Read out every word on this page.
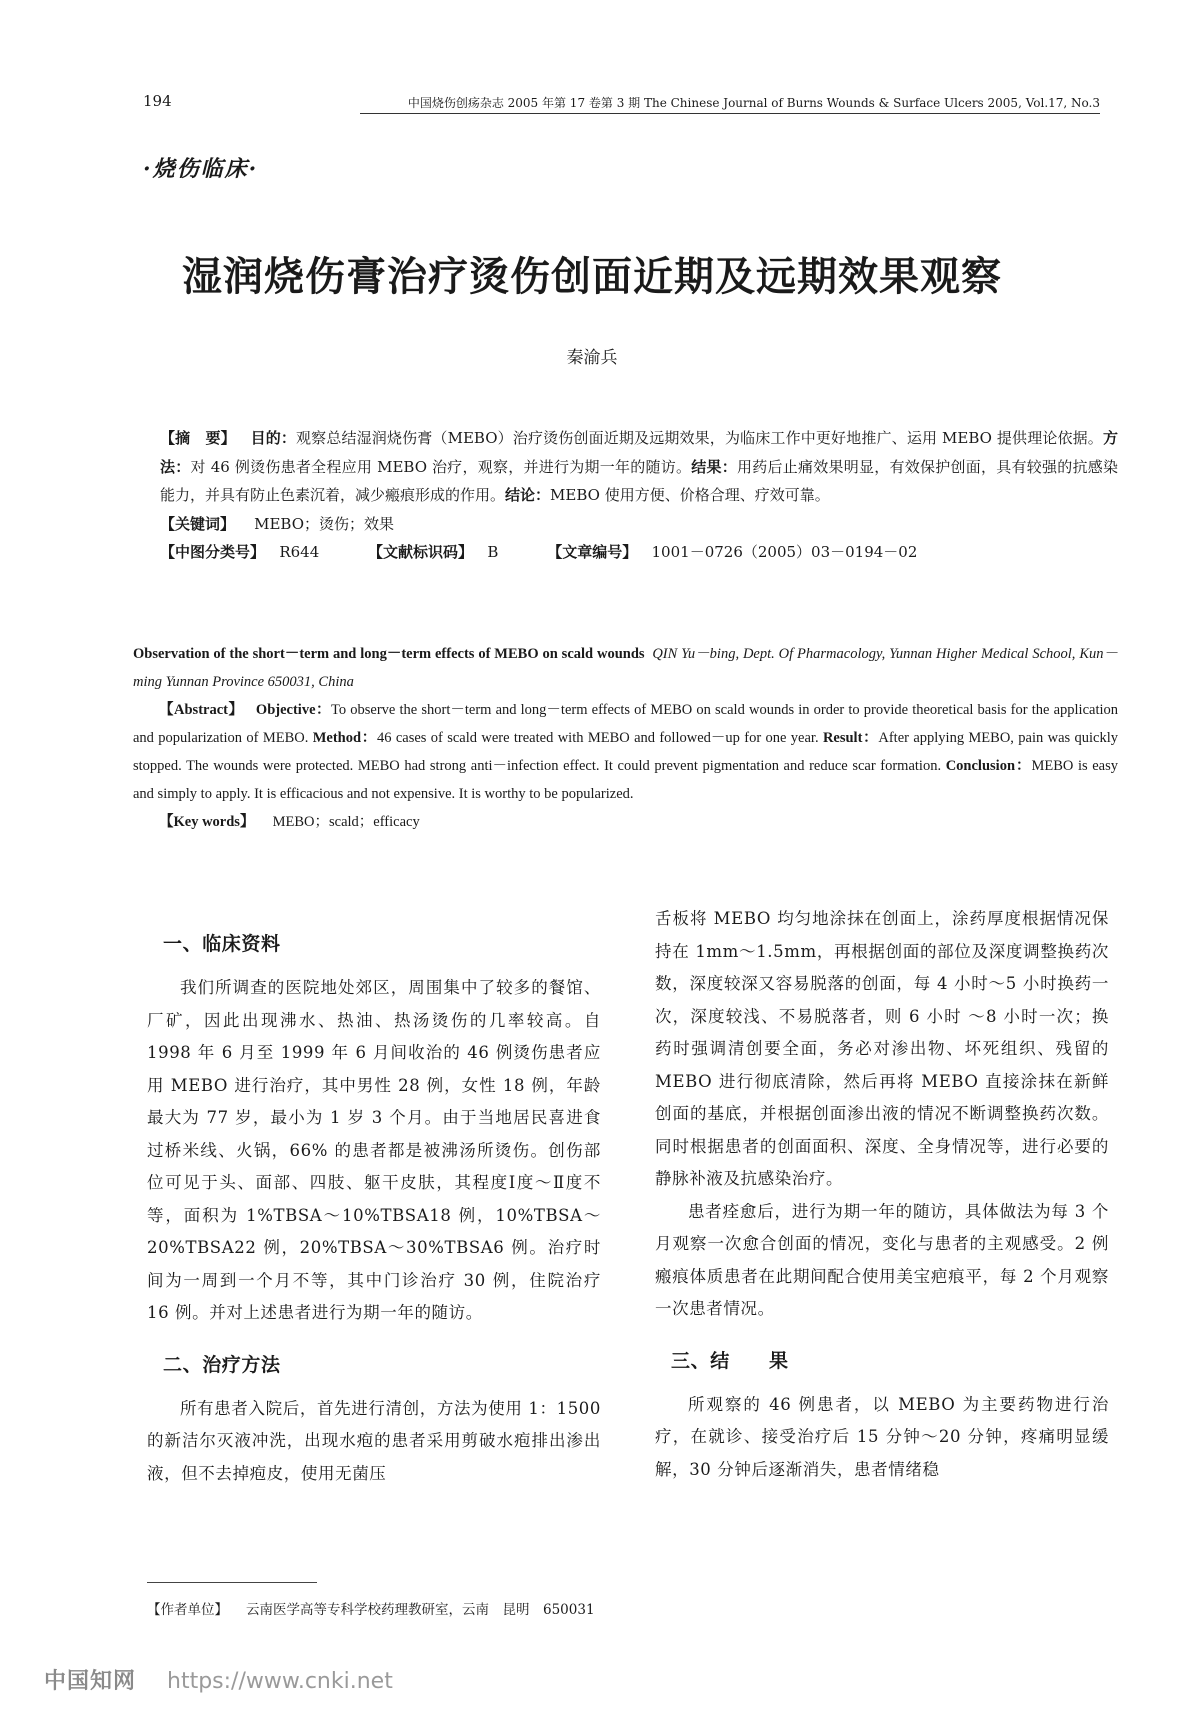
194	中国烧伤创疡杂志 2005 年第 17 卷第 3 期 The Chinese Journal of Burns Wounds & Surface Ulcers 2005, Vol.17, No.3
·烧伤临床·
湿润烧伤膏治疗烫伤创面近期及远期效果观察
秦渝兵

【摘　要】 目的：观察总结湿润烧伤膏（MEBO）治疗烫伤创面近期及远期效果，为临床工作中更好地推广、运用 MEBO 提供理论依据。方法：对 46 例烫伤患者全程应用 MEBO 治疗，观察，并进行为期一年的随访。结果：用药后止痛效果明显，有效保护创面，具有较强的抗感染能力，并具有防止色素沉着，减少瘢痕形成的作用。结论：MEBO 使用方便、价格合理、疗效可靠。

【关键词】 MEBO；烫伤；效果

【中图分类号】 R644	【文献标识码】 B	【文章编号】 1001－0726（2005）03－0194－02

Observation of the short－term and long－term effects of MEBO on scald wounds QIN Yu－bing, Dept. Of Pharmacology, Yunnan Higher Medical School, Kun－ming Yunnan Province 650031, China

【Abstract】 Objective：To observe the short－term and long－term effects of MEBO on scald wounds in order to provide theoretical basis for the application and popularization of MEBO. Method：46 cases of scald were treated with MEBO and followed－up for one year. Result：After applying MEBO, pain was quickly stopped. The wounds were protected. MEBO had strong anti－infection effect. It could prevent pigmentation and reduce scar formation. Conclusion：MEBO is easy and simply to apply. It is efficacious and not expensive. It is worthy to be popularized.

【Key words】 MEBO；scald；efficacy

一、临床资料

我们所调查的医院地处郊区，周围集中了较多的餐馆、厂矿，因此出现沸水、热油、热汤烫伤的几率较高。自 1998 年 6 月至 1999 年 6 月间收治的 46 例烫伤患者应用 MEBO 进行治疗，其中男性 28 例，女性 18 例，年龄最大为 77 岁，最小为 1 岁 3 个月。由于当地居民喜进食过桥米线、火锅，66% 的患者都是被沸汤所烫伤。创伤部位可见于头、面部、四肢、躯干皮肤，其程度Ⅰ度～Ⅱ度不等，面积为 1%TBSA～10%TBSA18 例，10%TBSA～20%TBSA22 例，20%TBSA～30%TBSA6 例。治疗时间为一周到一个月不等，其中门诊治疗 30 例，住院治疗 16 例。并对上述患者进行为期一年的随访。

二、治疗方法

所有患者入院后，首先进行清创，方法为使用 1：1500 的新洁尔灭液冲洗，出现水疱的患者采用剪破水疱排出渗出液，但不去掉疱皮，使用无菌压

舌板将 MEBO 均匀地涂抹在创面上，涂药厚度根据情况保持在 1mm～1.5mm，再根据创面的部位及深度调整换药次数，深度较深又容易脱落的创面，每 4 小时～5 小时换药一次，深度较浅、不易脱落者，则 6 小时 ～8 小时一次；换药时强调清创要全面，务必对渗出物、坏死组织、残留的 MEBO 进行彻底清除，然后再将 MEBO 直接涂抹在新鲜创面的基底，并根据创面渗出液的情况不断调整换药次数。同时根据患者的创面面积、深度、全身情况等，进行必要的静脉补液及抗感染治疗。

患者痊愈后，进行为期一年的随访，具体做法为每 3 个月观察一次愈合创面的情况，变化与患者的主观感受。2 例瘢痕体质患者在此期间配合使用美宝疤痕平，每 2 个月观察一次患者情况。

三、结　　果

所观察的 46 例患者，以 MEBO 为主要药物进行治疗，在就诊、接受治疗后 15 分钟～20 分钟，疼痛明显缓解，30 分钟后逐渐消失，患者情绪稳

【作者单位】 云南医学高等专科学校药理教研室，云南　昆明　650031
中国知网 https://www.cnki.net
